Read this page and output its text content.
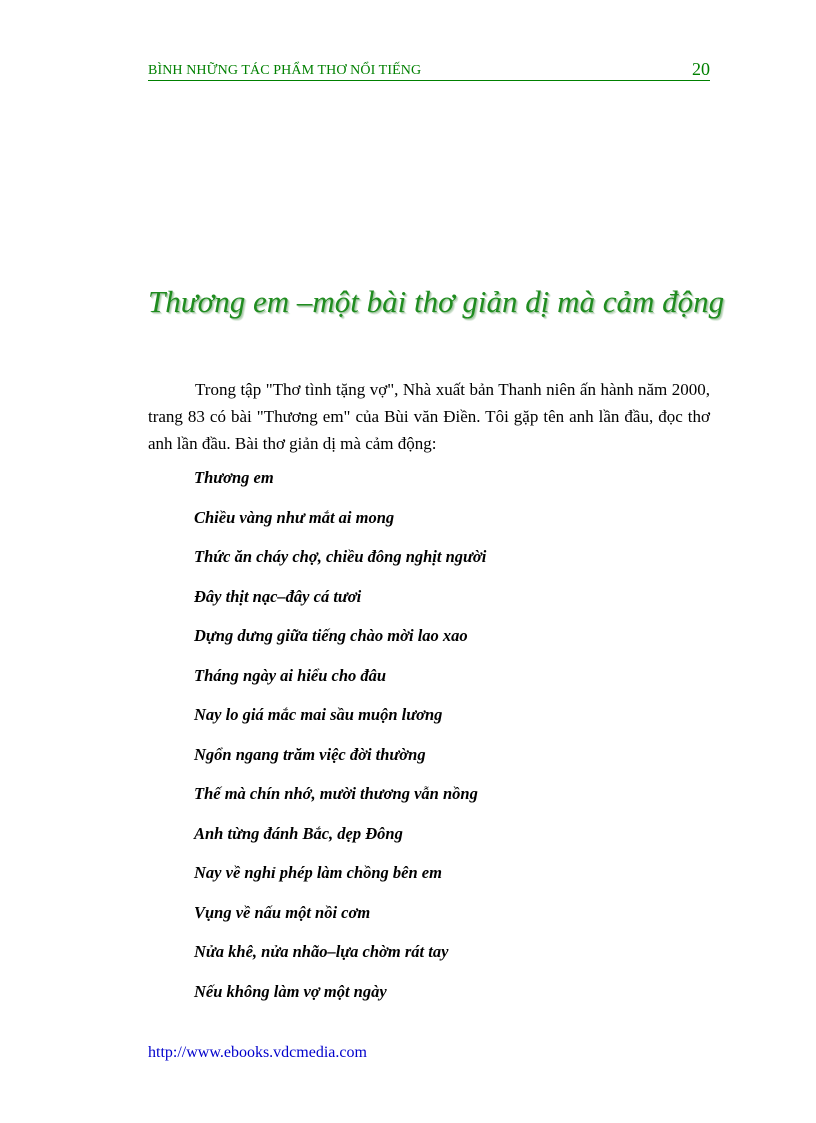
BÌNH NHỮNG TÁC PHẨM THƠ NỔI TIẾNG	20
Thương em –một bài thơ giản dị mà cảm động

Trong tập "Thơ tình tặng vợ", Nhà xuất bản Thanh niên ấn hành năm 2000, trang 83 có bài "Thương em" của Bùi văn Điền. Tôi gặp tên anh lần đầu, đọc thơ anh lần đầu. Bài thơ giản dị mà cảm động:

Thương em
Chiều vàng như mắt ai mong
Thức ăn cháy chợ, chiều đông nghịt người
Đây thịt nạc–đây cá tươi
Dựng dưng giữa tiếng chào mời lao xao
Tháng ngày ai hiểu cho đâu
Nay lo giá mắc mai sầu muộn lương
Ngổn ngang trăm việc đời thường
Thế mà chín nhớ, mười thương vẫn nồng
Anh từng đánh Bắc, dẹp Đông
Nay về nghỉ phép làm chồng bên em
Vụng về nấu một nồi cơm
Nửa khê, nửa nhão–lựa chờm rát tay
Nếu không làm vợ một ngày
http://www.ebooks.vdcmedia.com
